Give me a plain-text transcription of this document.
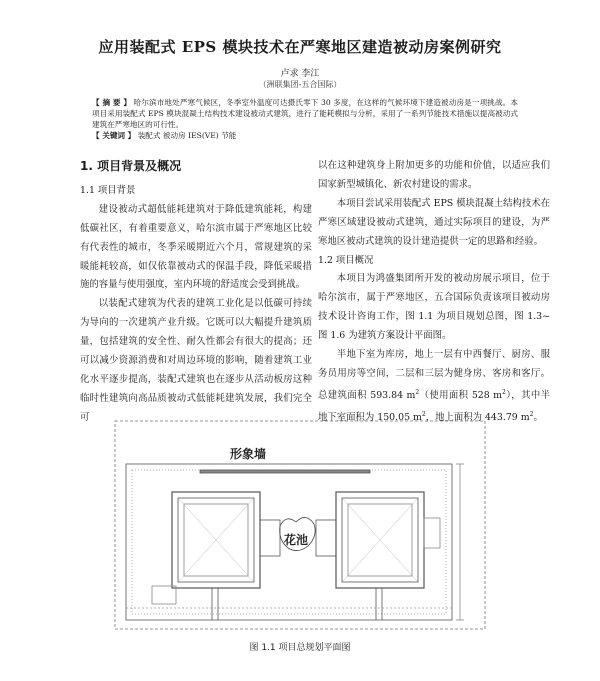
应用装配式 EPS 模块技术在严寒地区建造被动房案例研究
卢求 李江
（洲联集团-五合国际）
【 摘 要 】 哈尔滨市地处严寒气候区，冬季室外温度可达摄氏零下 30 多度，在这样的气候环境下建造被动房是一项挑战。本项目采用装配式 EPS 模块混凝土结构技术建设被动式建筑，进行了能耗模拟与分析，采用了一系列节能技术措施以提高被动式建筑在严寒地区的可行性。
【 关键词 】 装配式 被动房 IES(VE) 节能
1. 项目背景及概况
1.1 项目背景

建设被动式超低能耗建筑对于降低建筑能耗，构建低碳社区，有着重要意义，哈尔滨市属于严寒地区比较有代表性的城市，冬季采暖期近六个月，常规建筑的采暖能耗较高，如仅依靠被动式的保温手段，降低采暖措施的容量与使用强度，室内环境的舒适度会受到挑战。

以装配式建筑为代表的建筑工业化是以低碳可持续为导向的一次建筑产业升级。它既可以大幅提升建筑质量，包括建筑的安全性、耐久性都会有很大的提高；还可以减少资源消费和对周边环境的影响，随着建筑工业化水平逐步提高，装配式建筑也在逐步从活动板房这种临时性建筑向高品质被动式低能耗建筑发展，我们完全可

以在这种建筑身上附加更多的功能和价值，以适应我们国家新型城镇化、新农村建设的需求。

本项目尝试采用装配式 EPS 模块混凝土结构技术在严寒区域建设被动式建筑，通过实际项目的建设，为严寒地区被动式建筑的设计建造提供一定的思路和经验。

1.2 项目概况

本项目为鸿盛集团所开发的被动房展示项目，位于哈尔滨市，属于严寒地区，五合国际负责该项目被动房技术设计咨询工作，图 1.1 为项目规划总图，图 1.3~图 1.6 为建筑方案设计平面图。

半地下室为库房，地上一层有中西餐厅、厨房、服务员用房等空间，二层和三层为健身房、客房和客厅。总建筑面积 593.84 $m^2$（使用面积 528 $m^2$），其中半地下室面积为 150.05 $m^2$，地上面积为 443.79 $m^2$。

形象墙
花池
图 1.1 项目总规划平面图
